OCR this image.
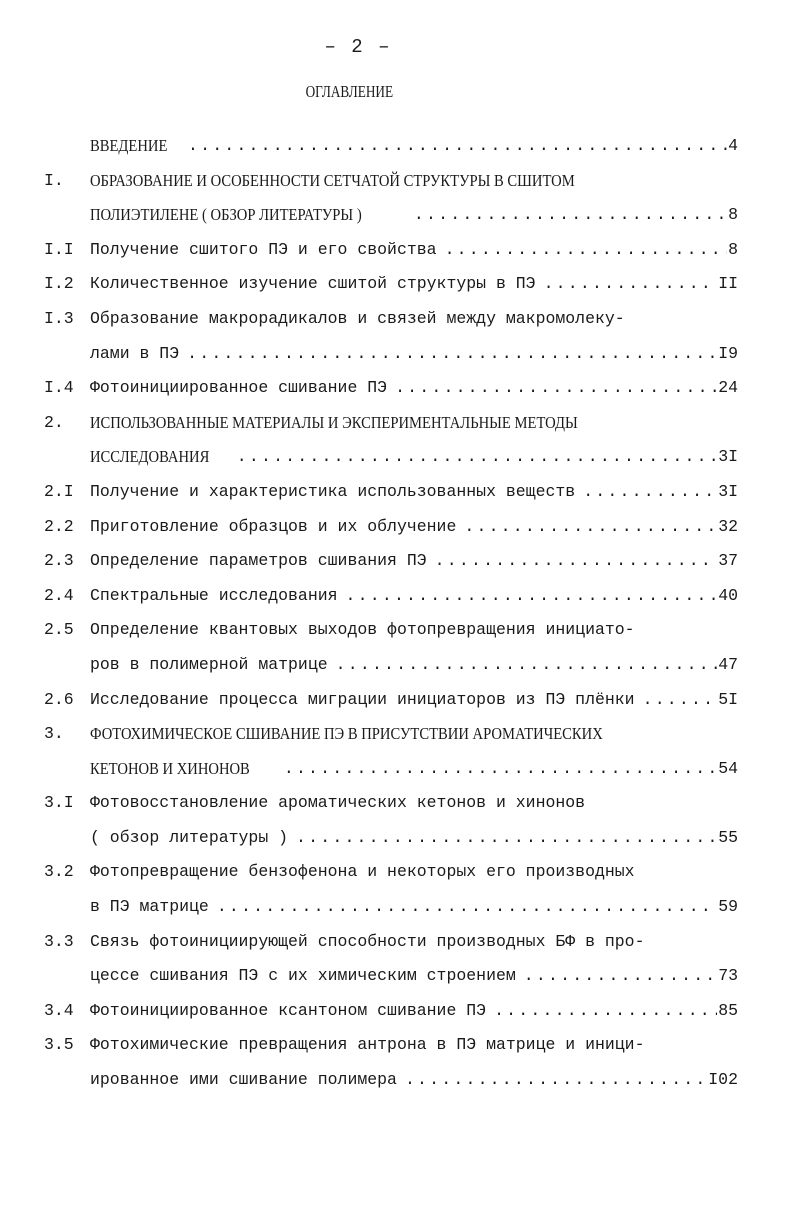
– 2 –
ОГЛАВЛЕНИЕ
ВВЕДЕНИЕ .....	4
I. ОБРАЗОВАНИЕ И ОСОБЕННОСТИ СЕТЧАТОЙ СТРУКТУРЫ В СШИТОМ
ПОЛИЭТИЛЕНЕ ( ОБЗОР ЛИТЕРАТУРЫ ) .....	8
I.I Получение сшитого ПЭ и его свойства .....	8
I.2 Количественное изучение сшитой структуры в ПЭ .....	II
I.3 Образование макрорадикалов и связей между макромолеку-
лами в ПЭ .....	I9
I.4 Фотоинициированное сшивание ПЭ .....	24
2. ИСПОЛЬЗОВАННЫЕ МАТЕРИАЛЫ И ЭКСПЕРИМЕНТАЛЬНЫЕ МЕТОДЫ
ИССЛЕДОВАНИЯ .....	3I
2.I Получение и характеристика использованных веществ .....	3I
2.2 Приготовление образцов и их облучение .....	32
2.3 Определение параметров сшивания ПЭ .....	37
2.4 Спектральные исследования .....	40
2.5 Определение квантовых выходов фотопревращения инициато-
ров в полимерной матрице .....	47
2.6 Исследование процесса миграции инициаторов из ПЭ плёнки .....	5I
3. ФОТОХИМИЧЕСКОЕ СШИВАНИЕ ПЭ В ПРИСУТСТВИИ АРОМАТИЧЕСКИХ
КЕТОНОВ И ХИНОНОВ .....	54
3.I Фотовосстановление ароматических кетонов и хинонов
( обзор литературы ) .....	55
3.2 Фотопревращение бензофенона и некоторых его производных
в ПЭ матрице .....	59
3.3 Связь фотоинициирующей способности производных БФ в про-
цессе сшивания ПЭ с их химическим строением .....	73
3.4 Фотоинициированное ксантоном сшивание ПЭ .....	85
3.5 Фотохимические превращения антрона в ПЭ матрице и иници-
ированное ими сшивание полимера .....	I02
